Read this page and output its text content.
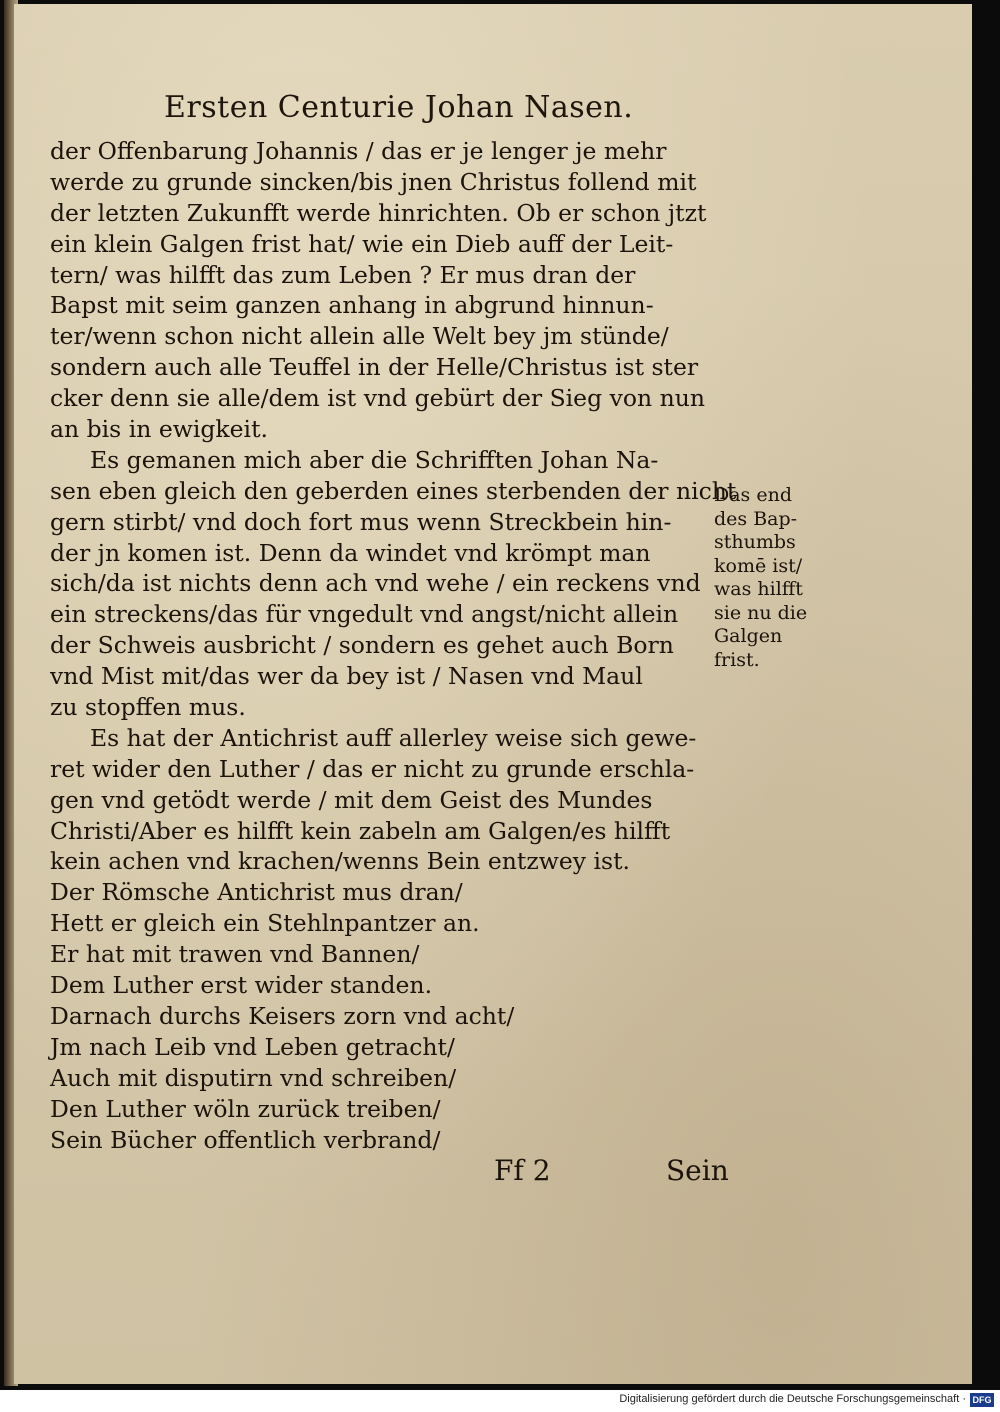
Ersten Centurie Johan Nasen.
der Offenbarung Johannis / das er je lenger je mehr
werde zu grunde sincken/bis jnen Christus follend mit
der letzten Zukunfft werde hinrichten. Ob er schon jtzt
ein klein Galgen frist hat/ wie ein Dieb auff der Leit-
tern/ was hilfft das zum Leben ? Er mus dran der
Bapst mit seim ganzen anhang in abgrund hinnun-
ter/wenn schon nicht allein alle Welt bey jm stünde/
sondern auch alle Teuffel in der Helle/Christus ist ster
cker denn sie alle/dem ist vnd gebürt der Sieg von nun
an bis in ewigkeit.
Es gemanen mich aber die Schrifften Johan Na-
sen eben gleich den geberden eines sterbenden der nicht
gern stirbt/ vnd doch fort mus wenn Streckbein hin-
der jn komen ist. Denn da windet vnd krömpt man
sich/da ist nichts denn ach vnd wehe / ein reckens vnd
ein streckens/das für vngedult vnd angst/nicht allein
der Schweis ausbricht / sondern es gehet auch Born
vnd Mist mit/das wer da bey ist / Nasen vnd Maul
zu stopffen mus.
Es hat der Antichrist auff allerley weise sich gewe-
ret wider den Luther / das er nicht zu grunde erschla-
gen vnd getödt werde / mit dem Geist des Mundes
Christi/Aber es hilfft kein zabeln am Galgen/es hilfft
kein achen vnd krachen/wenns Bein entzwey ist.
Der Römsche Antichrist mus dran/
Hett er gleich ein Stehlnpantzer an.
Er hat mit trawen vnd Bannen/
Dem Luther erst wider standen.
Darnach durchs Keisers zorn vnd acht/
Jm nach Leib vnd Leben getracht/
Auch mit disputirn vnd schreiben/
Den Luther wöln zurück treiben/
Sein Bücher offentlich verbrand/
Das end
des Bap-
sthumbs
komē ist/
was hilfft
sie nu die
Galgen
frist.
Ff 2	Sein
Digitalisierung gefördert durch die Deutsche Forschungsgemeinschaft · DFG
